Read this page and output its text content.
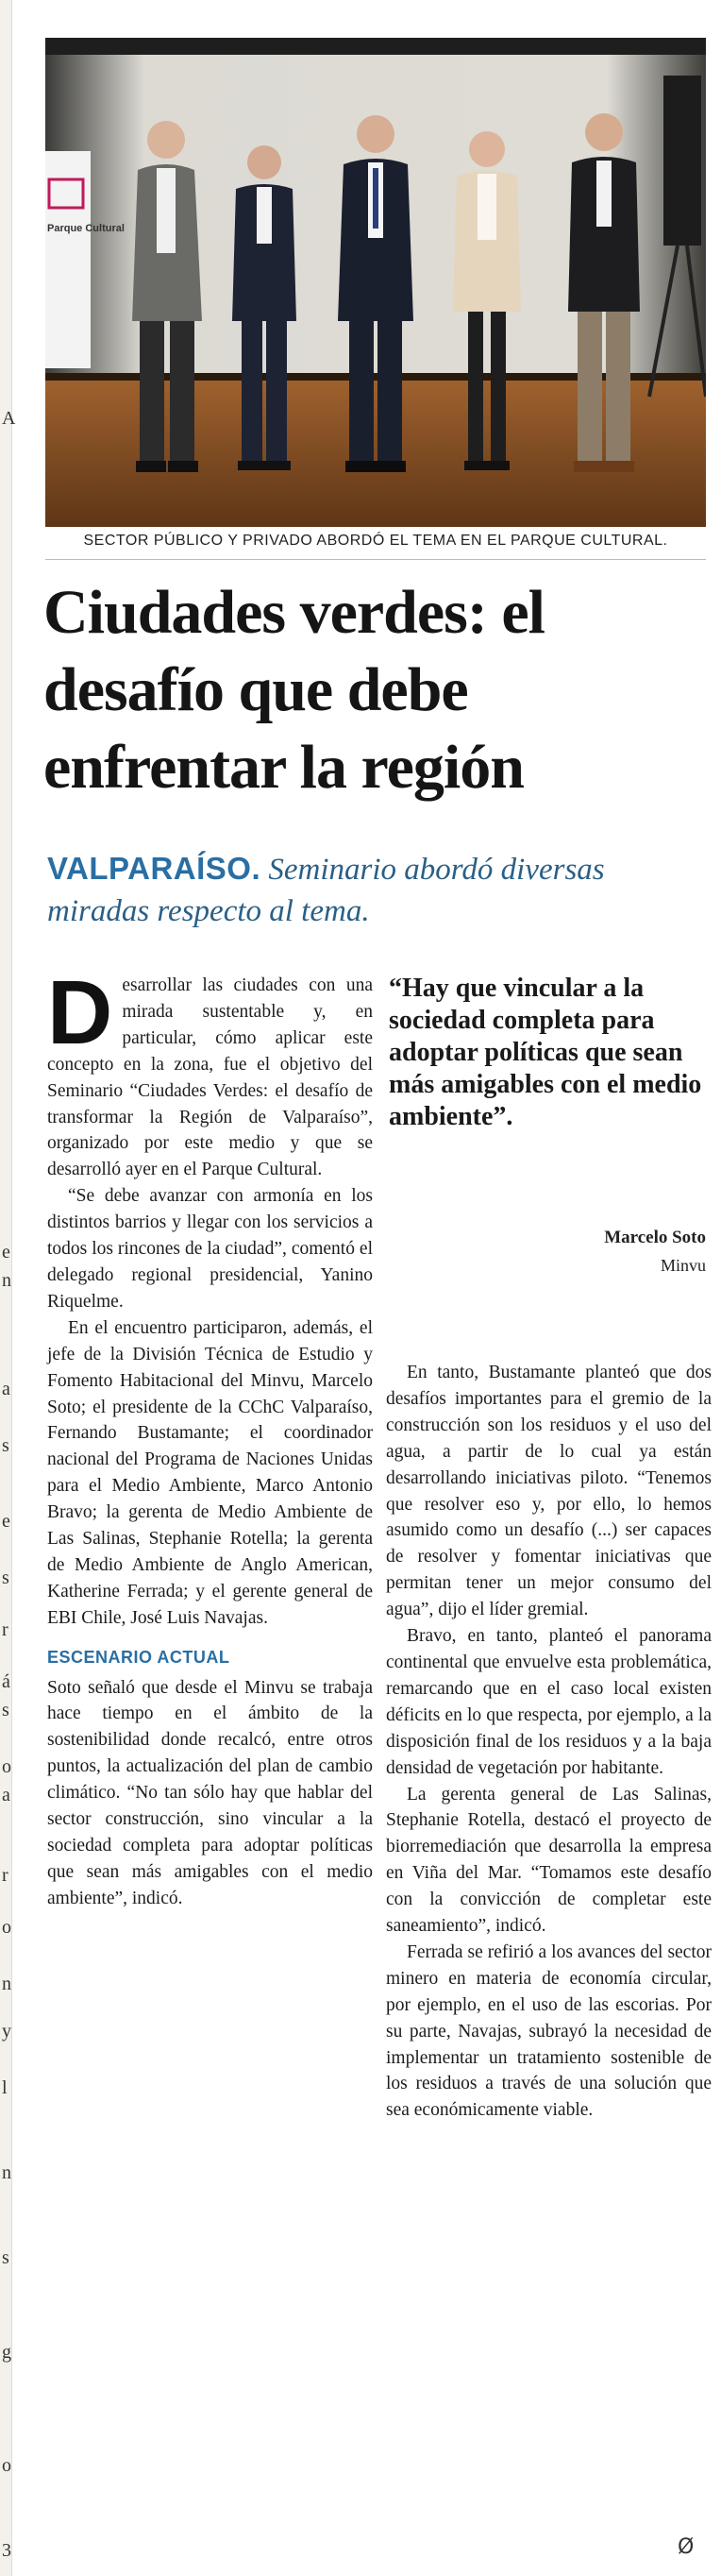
A
e
n
a
s
e
s
r
á
s
o
a
r
o
n
y
l
n
s
g
o
3
Parque Cultural
SECTOR PÚBLICO Y PRIVADO ABORDÓ EL TEMA EN EL PARQUE CULTURAL.
Ciudades verdes: el desafío que debe enfrentar la región

VALPARAÍSO. Seminario abordó diversas miradas respecto al tema.

Desarrollar las ciudades con una mirada sustentable y, en particular, cómo aplicar este concepto en la zona, fue el objetivo del Seminario “Ciudades Verdes: el desafío de transformar la Región de Valparaíso”, organizado por este medio y que se desarrolló ayer en el Parque Cultural.

“Se debe avanzar con armonía en los distintos barrios y llegar con los servicios a todos los rincones de la ciudad”, comentó el delegado regional presidencial, Yanino Riquelme.

En el encuentro participaron, además, el jefe de la División Técnica de Estudio y Fomento Habitacional del Minvu, Marcelo Soto; el presidente de la CChC Valparaíso, Fernando Bustamante; el coordinador nacional del Programa de Naciones Unidas para el Medio Ambiente, Marco Antonio Bravo; la gerenta de Medio Ambiente de Las Salinas, Stephanie Rotella; la gerenta de Medio Ambiente de Anglo American, Katherine Ferrada; y el gerente general de EBI Chile, José Luis Navajas.

ESCENARIO ACTUAL

Soto señaló que desde el Minvu se trabaja hace tiempo en el ámbito de la sostenibilidad donde recalcó, entre otros puntos, la actualización del plan de cambio climático. “No tan sólo hay que hablar del sector construcción, sino vincular a la sociedad completa para adoptar políticas que sean más amigables con el medio ambiente”, indicó.

“Hay que vincular a la sociedad completa para adoptar políticas que sean más amigables con el medio ambiente”.

Marcelo Soto
Minvu

En tanto, Bustamante planteó que dos desafíos importantes para el gremio de la construcción son los residuos y el uso del agua, a partir de lo cual ya están desarrollando iniciativas piloto. “Tenemos que resolver eso y, por ello, lo hemos asumido como un desafío (...) ser capaces de resolver y fomentar iniciativas que permitan tener un mejor consumo del agua”, dijo el líder gremial.

Bravo, en tanto, planteó el panorama continental que envuelve esta problemática, remarcando que en el caso local existen déficits en lo que respecta, por ejemplo, a la disposición final de los residuos y a la baja densidad de vegetación por habitante.

La gerenta general de Las Salinas, Stephanie Rotella, destacó el proyecto de biorremediación que desarrolla la empresa en Viña del Mar. “Tomamos este desafío con la convicción de completar este saneamiento”, indicó.

Ferrada se refirió a los avances del sector minero en materia de economía circular, por ejemplo, en el uso de las escorias. Por su parte, Navajas, subrayó la necesidad de implementar un tratamiento sostenible de los residuos a través de una solución que sea económicamente viable.

Ø
